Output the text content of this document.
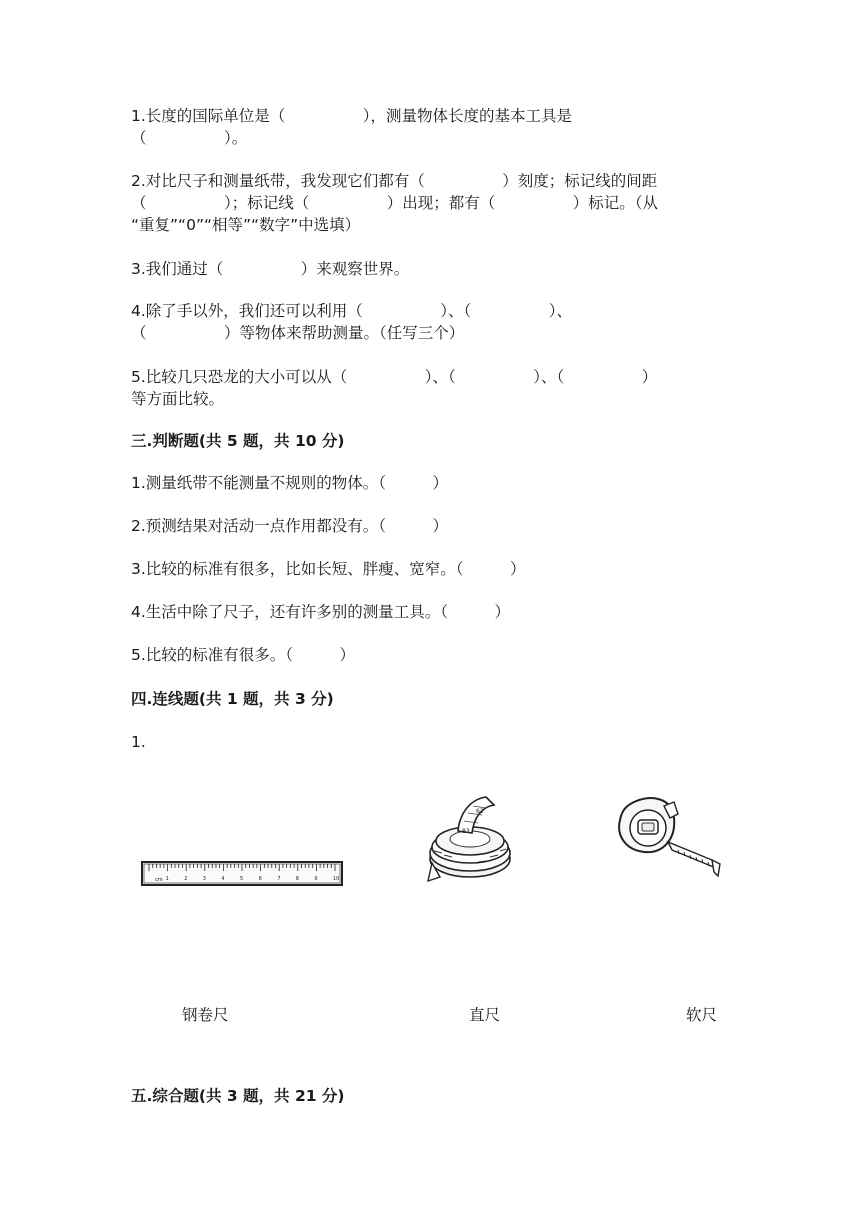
1.长度的国际单位是（　　　　　），测量物体长度的基本工具是
（　　　　　）。
2.对比尺子和测量纸带，我发现它们都有（　　　　　）刻度；标记线的间距
（　　　　　）；标记线（　　　　　）出现；都有（　　　　　）标记。（从
“重复”“0”“相等”“数字”中选填）
3.我们通过（　　　　　）来观察世界。
4.除了手以外，我们还可以利用（　　　　　）、（　　　　　）、
（　　　　　）等物体来帮助测量。（任写三个）
5.比较几只恐龙的大小可以从（　　　　　）、（　　　　　）、（　　　　　）
等方面比较。
三.判断题(共 5 题，共 10 分)
1.测量纸带不能测量不规则的物体。（　　　）
2.预测结果对活动一点作用都没有。（　　　）
3.比较的标准有很多，比如长短、胖瘦、宽窄。（　　　）
4.生活中除了尺子，还有许多别的测量工具。（　　　）
5.比较的标准有很多。（　　　）
四.连线题(共 1 题，共 3 分)
1.
cm 1	2	3	4	5	6	7	8	9	10
83
62
钢卷尺	直尺	软尺
五.综合题(共 3 题，共 21 分)
